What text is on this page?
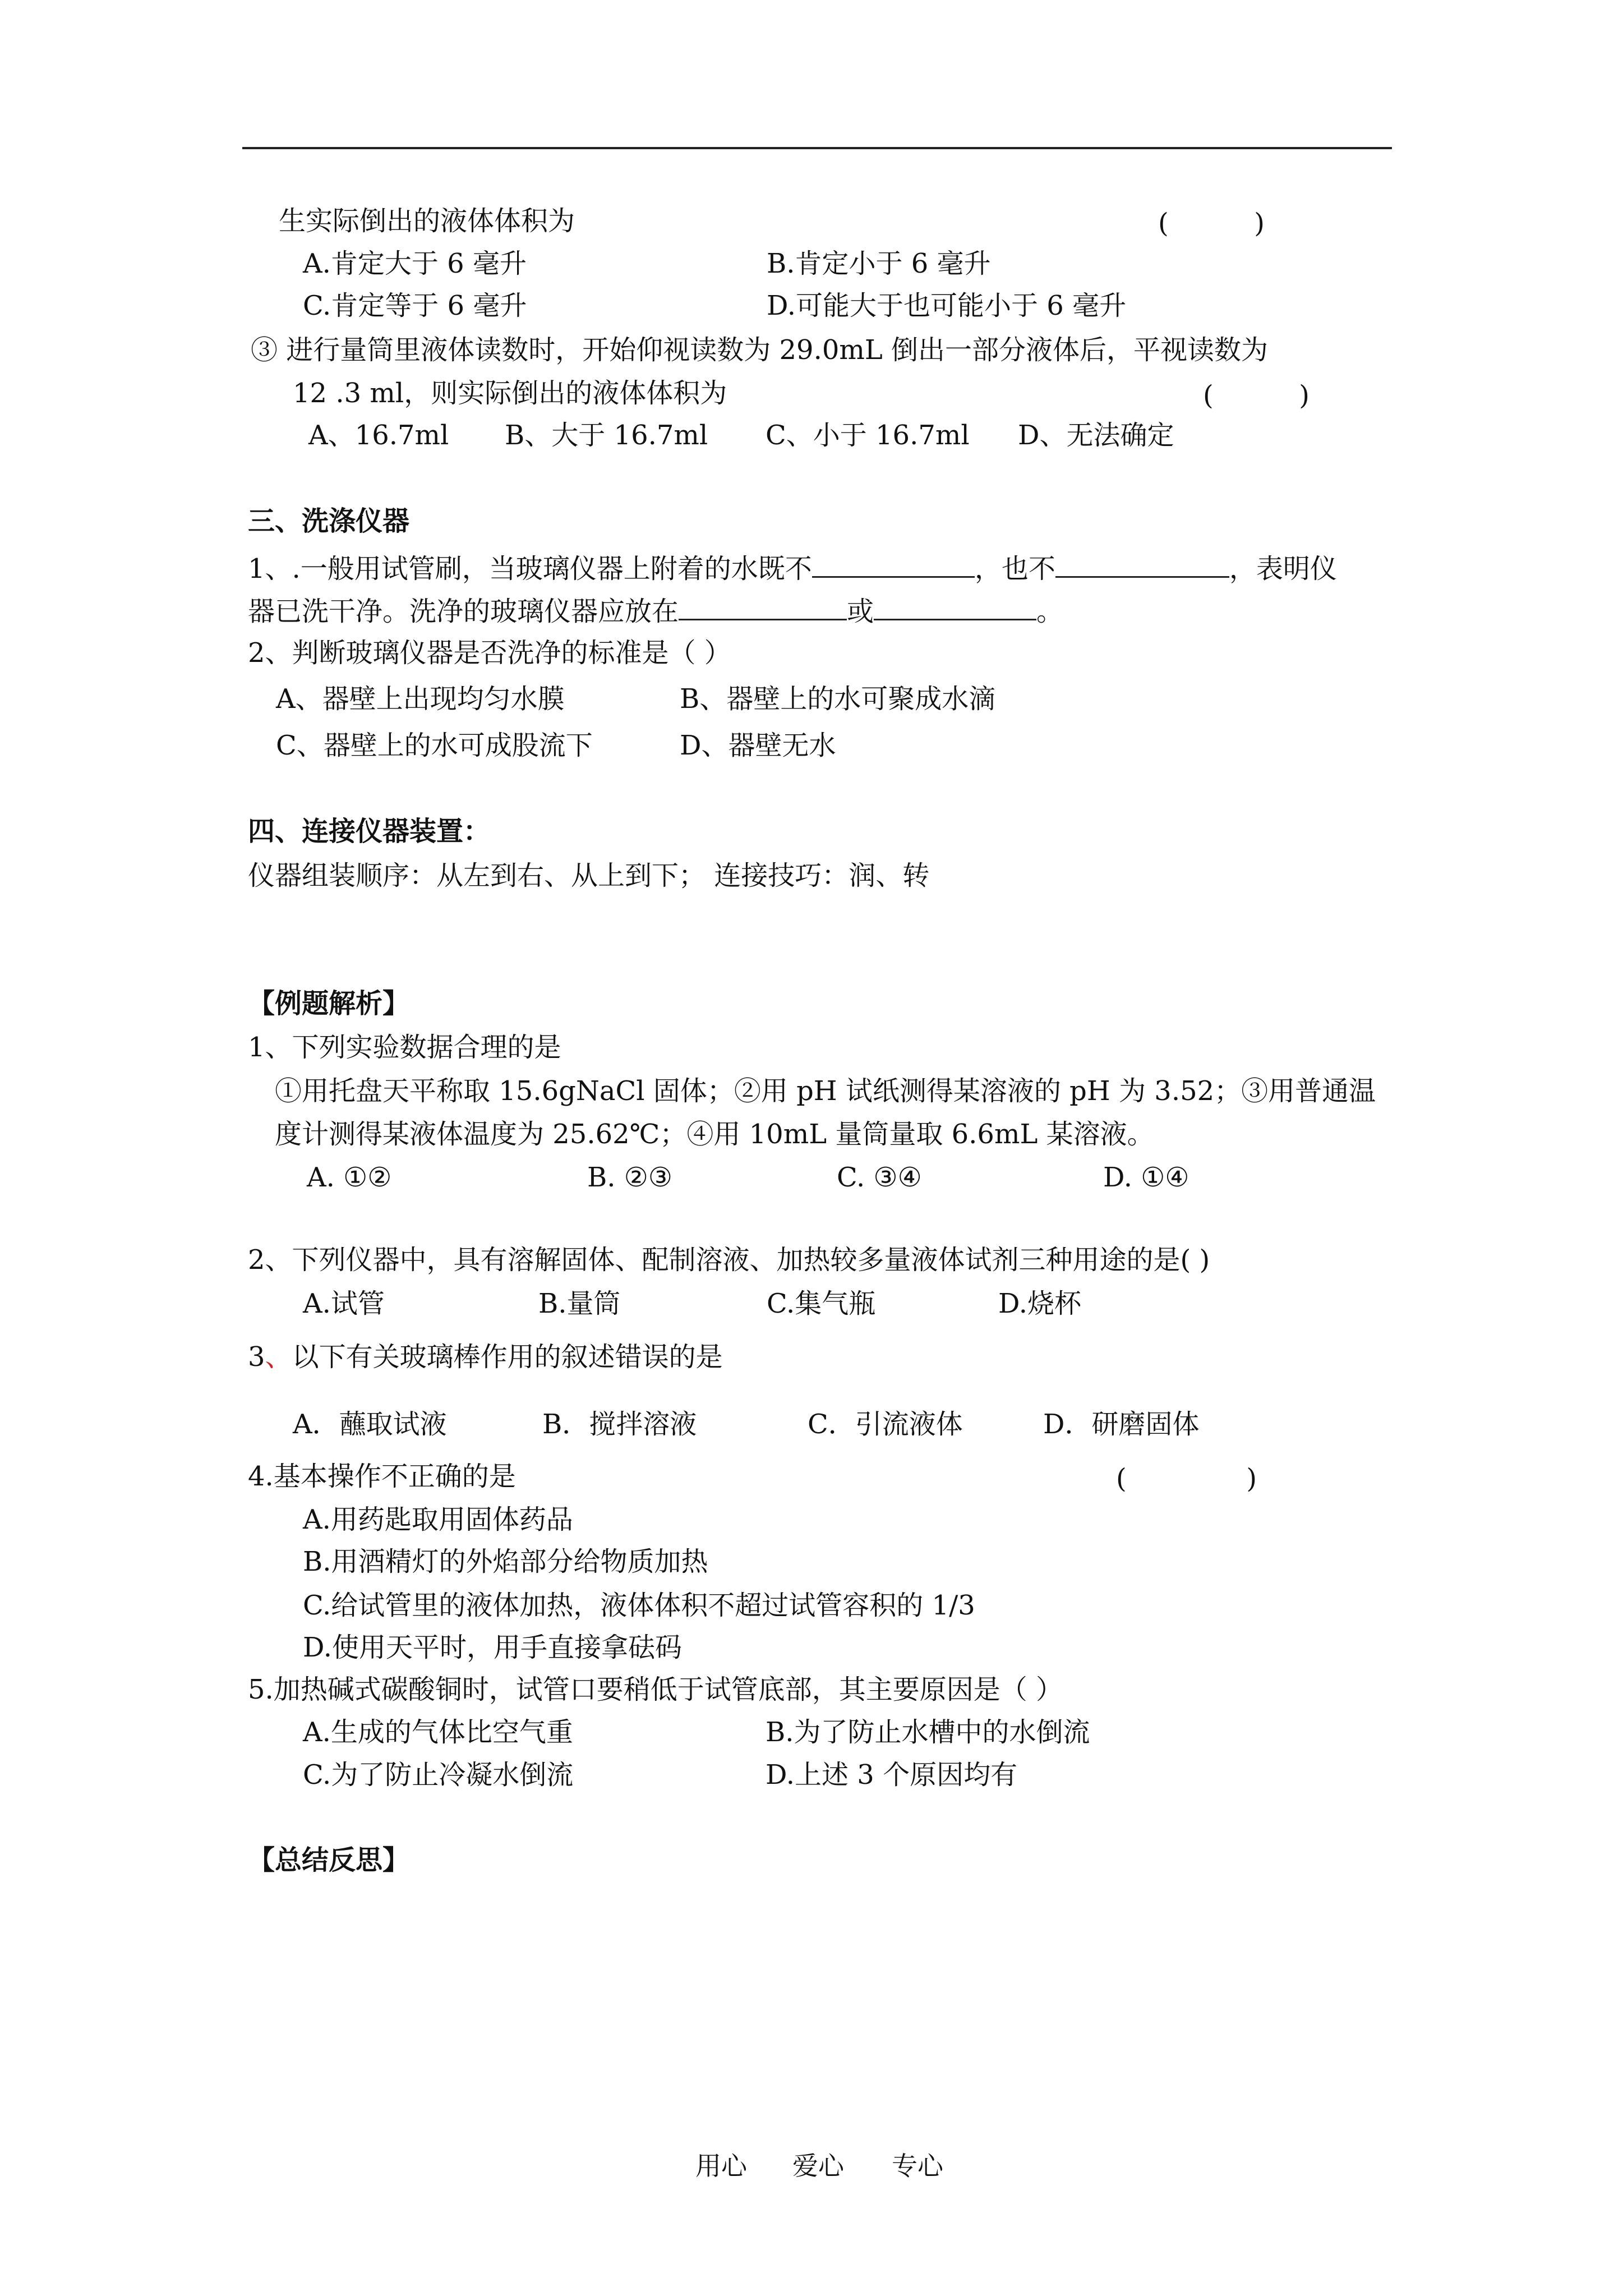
生实际倒出的液体体积为	(          )
A.肯定大于 6 毫升	B.肯定小于 6 毫升
C.肯定等于 6 毫升	D.可能大于也可能小于 6 毫升
③ 进行量筒里液体读数时，开始仰视读数为 29.0mL 倒出一部分液体后，平视读数为
12 .3 ml，则实际倒出的液体体积为	(          )
A、16.7ml B、大于 16.7ml C、小于 16.7ml D、无法确定
三、洗涤仪器
1、.一般用试管刷，当玻璃仪器上附着的水既不	，也不	，表明仪
器已洗干净。洗净的玻璃仪器应放在	或	。
2、判断玻璃仪器是否洗净的标准是（ ）
A、器壁上出现均匀水膜	B、器壁上的水可聚成水滴
C、器壁上的水可成股流下	D、器壁无水
四、连接仪器装置：
仪器组装顺序：从左到右、从上到下； 连接技巧：润、转
【例题解析】
1、下列实验数据合理的是
①用托盘天平称取 15.6gNaCl 固体；②用 pH 试纸测得某溶液的 pH 为 3.52；③用普通温
度计测得某液体温度为 25.62℃；④用 10mL 量筒量取 6.6mL 某溶液。
A. ①②	B. ②③	C. ③④	D. ①④
2、下列仪器中，具有溶解固体、配制溶液、加热较多量液体试剂三种用途的是( )
A.试管	B.量筒	C.集气瓶	D.烧杯
3、以下有关玻璃棒作用的叙述错误的是
A．蘸取试液	B．搅拌溶液	C．引流液体	D．研磨固体
4.基本操作不正确的是	(              )
A.用药匙取用固体药品
B.用酒精灯的外焰部分给物质加热
C.给试管里的液体加热，液体体积不超过试管容积的 1/3
D.使用天平时，用手直接拿砝码
5.加热碱式碳酸铜时，试管口要稍低于试管底部，其主要原因是（ ）
A.生成的气体比空气重	B.为了防止水槽中的水倒流
C.为了防止冷凝水倒流	D.上述 3 个原因均有
【总结反思】
用心 爱心 专心
